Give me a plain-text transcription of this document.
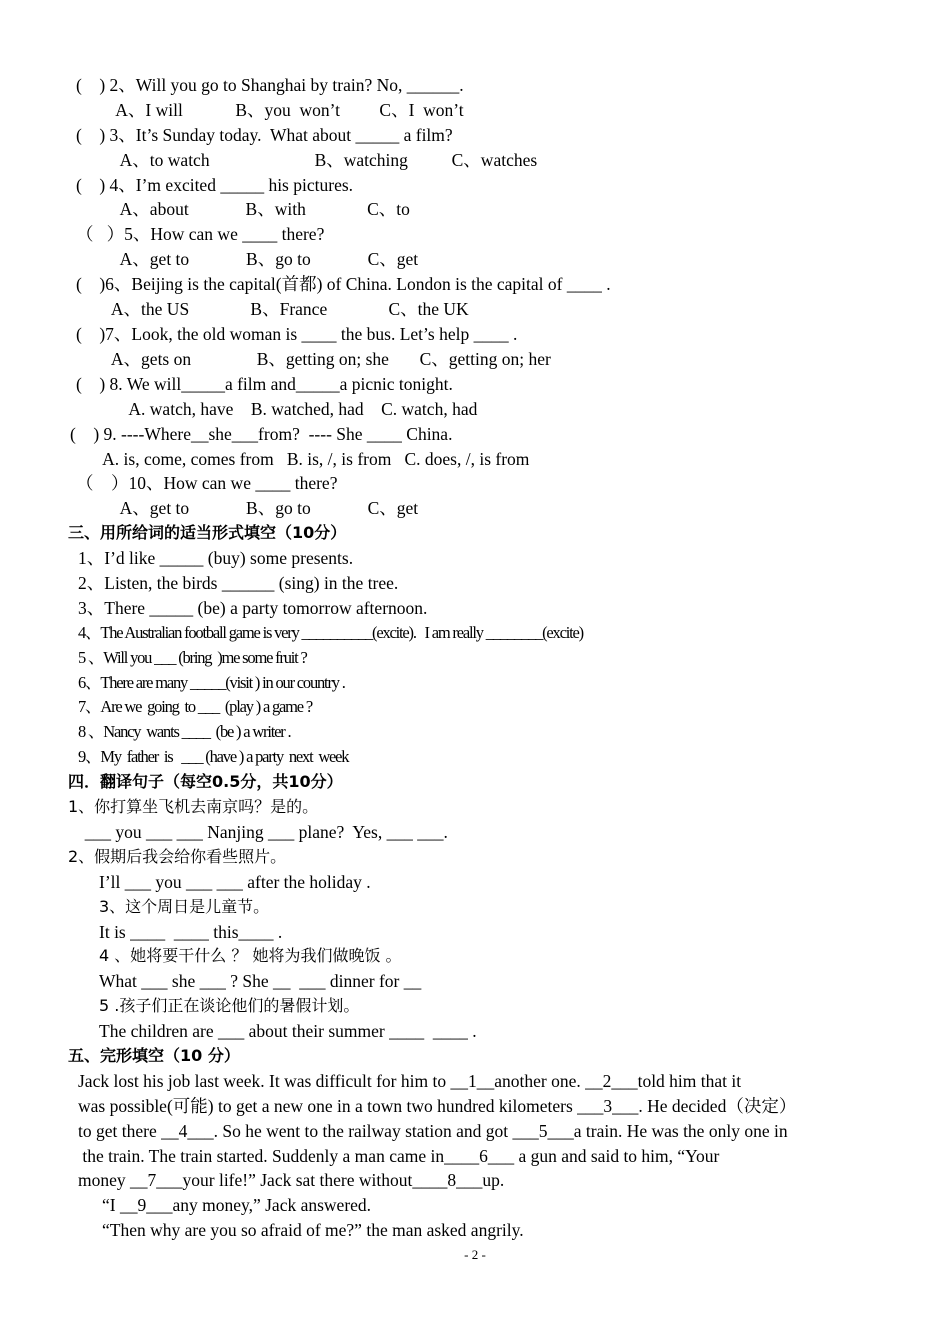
(    ) 2、Will you go to Shanghai by train? No, ______.
A、I will            B、you  won’t         C、I  won’t
(    ) 3、It’s Sunday today.  What about _____ a film?
A、to watch                        B、watching          C、watches
(    ) 4、I’m excited _____ his pictures.
A、about             B、with              C、to
（   ）5、How can we ____ there?
A、get to             B、go to             C、get
(    )6、Beijing is the capital(首都) of China. London is the capital of ____ .
A、the US              B、France              C、the UK
(    )7、Look, the old woman is ____ the bus. Let’s help ____ .
A、gets on               B、getting on; she       C、getting on; her
(    ) 8. We will_____a film and_____a picnic tonight.
A. watch, have    B. watched, had    C. watch, had
(    ) 9. ----Where__she___from?  ---- She ____ China.
A. is, come, comes from   B. is, /, is from   C. does, /, is from
（    ）10、How can we ____ there?
A、get to             B、go to             C、get
三、用所给词的适当形式填空（10分）
1、I’d like _____ (buy) some presents.
2、Listen, the birds ______ (sing) in the tree.
3、There _____ (be) a party tomorrow afternoon.
4、The Australian football game is very __________(excite).   I am really ________(excite)
5 、Will you ___ (bring  )me some fruit ?
6、There are many _____(visit ) in our country .
7、Are we  going  to ___  (play ) a game ?
8 、Nancy  wants ____  (be ) a writer .
9、My  father  is   ___ (have ) a party  next  week
四．翻译句子（每空0.5分，共10分）
1、你打算坐飞机去南京吗？是的。
___ you ___ ___ Nanjing ___ plane?  Yes, ___ ___.
2、假期后我会给你看些照片。
I’ll ___ you ___ ___ after the holiday .
3、这个周日是儿童节。
It is ____  ____ this____ .
4 、她将要干什么 ？ 她将为我们做晚饭 。
What ___ she ___ ? She __  ___ dinner for __
5 .孩子们正在谈论他们的暑假计划。
The children are ___ about their summer ____  ____ .
五、完形填空（10 分）
Jack lost his job last week. It was difficult for him to __1__another one. __2___told him that it
was possible(可能) to get a new one in a town two hundred kilometers ___3___. He decided（决定）
to get there __4___. So he went to the railway station and got ___5___a train. He was the only one in
the train. The train started. Suddenly a man came in____6___ a gun and said to him, “Your
money __7___your life!” Jack sat there without____8___up.
“I __9___any money,” Jack answered.
“Then why are you so afraid of me?” the man asked angrily.
- 2 -
